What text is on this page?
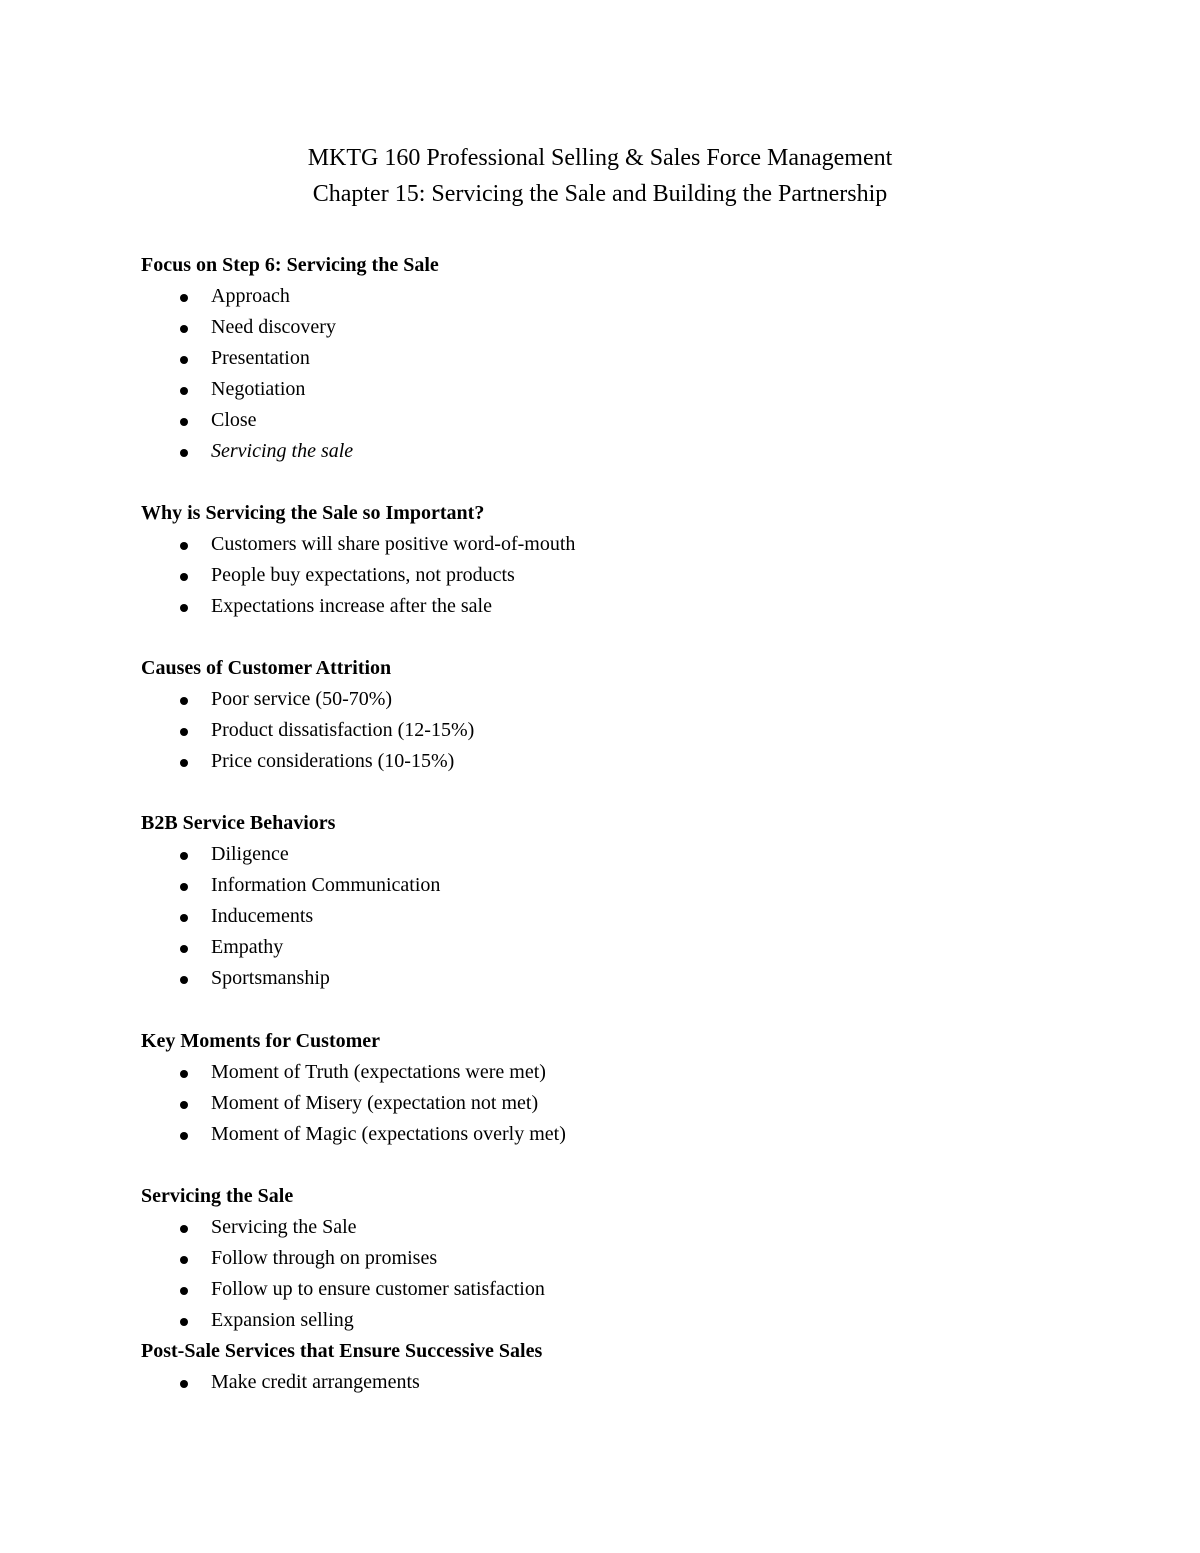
MKTG 160 Professional Selling & Sales Force Management
Chapter 15: Servicing the Sale and Building the Partnership
Focus on Step 6: Servicing the Sale
Approach
Need discovery
Presentation
Negotiation
Close
Servicing the sale
Why is Servicing the Sale so Important?
Customers will share positive word-of-mouth
People buy expectations, not products
Expectations increase after the sale
Causes of Customer Attrition
Poor service (50-70%)
Product dissatisfaction (12-15%)
Price considerations (10-15%)
B2B Service Behaviors
Diligence
Information Communication
Inducements
Empathy
Sportsmanship
Key Moments for Customer
Moment of Truth (expectations were met)
Moment of Misery (expectation not met)
Moment of Magic (expectations overly met)
Servicing the Sale
Servicing the Sale
Follow through on promises
Follow up to ensure customer satisfaction
Expansion selling
Post-Sale Services that Ensure Successive Sales
Make credit arrangements
